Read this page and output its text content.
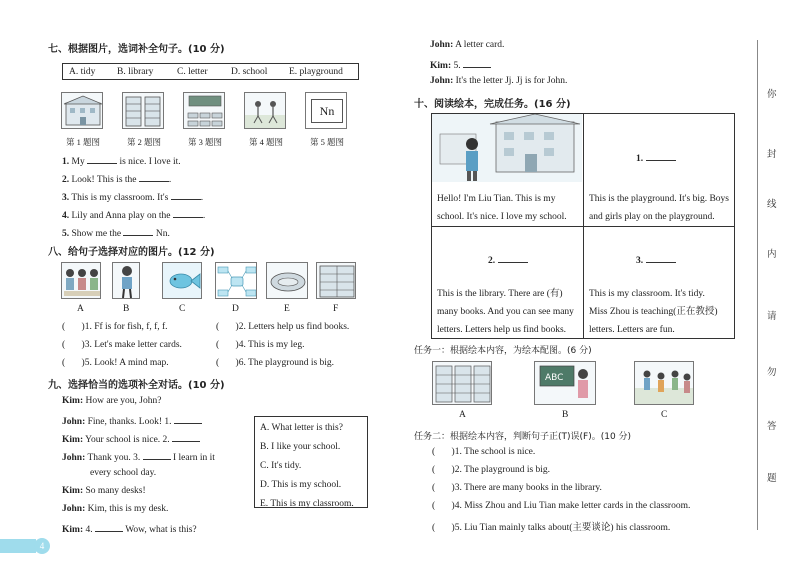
七、根据图片，选词补全句子。(10 分)
A. tidy B. library C. letter D. school E. playground
Nn
第 1 题图	第 2 题图	第 3 题图	第 4 题图	第 5 题图
1. My	is nice. I love it.
2. Look! This is the	.
3. This is my classroom. It's	.
4. Lily and Anna play on the	.
5. Show me the	Nn.
八、给句子选择对应的图片。(12 分)
A	B	C	D	E	F
( )1. Ff is for fish, f, f, f.	( )2. Letters help us find books.
( )3. Let's make letter cards.	( )4. This is my leg.
( )5. Look! A mind map.	( )6. The playground is big.
九、选择恰当的选项补全对话。(10 分)
Kim: How are you, John?
John: Fine, thanks. Look! 1.
Kim: Your school is nice. 2.
John: Thank you. 3.	I learn in it
every school day.
Kim: So many desks!
John: Kim, this is my desk.
Kim: 4.	Wow, what is this?
A. What letter is this?
B. I like your school.
C. It's tidy.
D. This is my school.
E. This is my classroom.
4
John: A letter card.
Kim: 5.
John: It's the letter Jj. Jj is for John.
十、阅读绘本，完成任务。(16 分)
Hello! I'm Liu Tian. This is my
school. It's nice. I love my school.
1.
This is the playground. It's big. Boys
and girls play on the playground.
2.
This is the library. There are (有)
many books. And you can see many
letters. Letters help us find books.
3.
This is my classroom. It's tidy.
Miss Zhou is teaching(正在教授)
letters. Letters are fun.
任务一：根据绘本内容，为绘本配图。(6 分)
ABC
A	B	C
任务二：根据绘本内容，判断句子正(T)误(F)。(10 分)
( )1. The school is nice.
( )2. The playground is big.
( )3. There are many books in the library.
( )4. Miss Zhou and Liu Tian make letter cards in the classroom.
( )5. Liu Tian mainly talks about(主要谈论) his classroom.
你
封
线
内
请
勿
答
题
